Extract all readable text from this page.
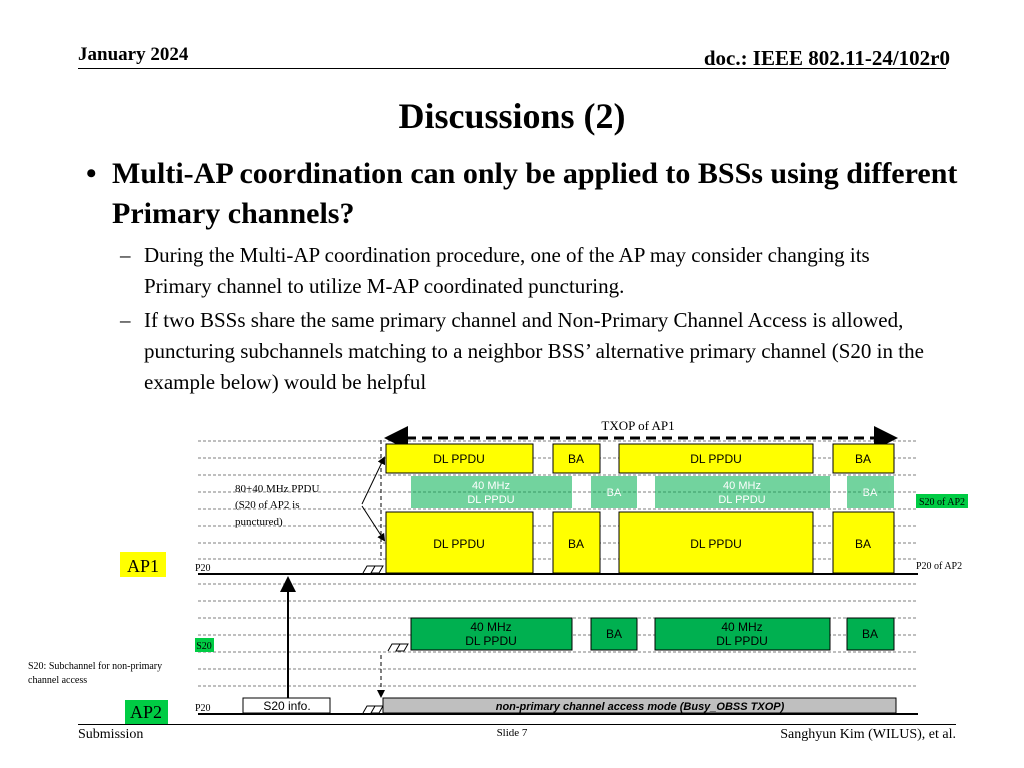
January 2024	doc.: IEEE 802.11-24/102r0
Discussions (2)
• Multi-AP coordination can only be applied to BSSs using different Primary channels?
– During the Multi-AP coordination procedure, one of the AP may consider changing its Primary channel to utilize M-AP coordinated puncturing.
– If two BSSs share the same primary channel and Non-Primary Channel Access is allowed, puncturing subchannels matching to a neighbor BSS’ alternative primary channel (S20 in the example below) would be helpful
TXOP of AP1
DL PPDU	BA	DL PPDU	BA
40 MHz
DL PPDU
BA
40 MHz
DL PPDU
BA
S20 of AP2
DL PPDU	BA	DL PPDU	BA
80+40 MHz PPDU
(S20 of AP2 is
punctured)
AP1	P20	P20 of AP2
40 MHz
DL PPDU	BA	40 MHz
DL PPDU	BA
S20
S20: Subchannel for non-primary
channel access
AP2	P20	S20 info.	non-primary channel access mode (Busy_OBSS TXOP)
Submission	Slide 7	Sanghyun Kim (WILUS), et al.
